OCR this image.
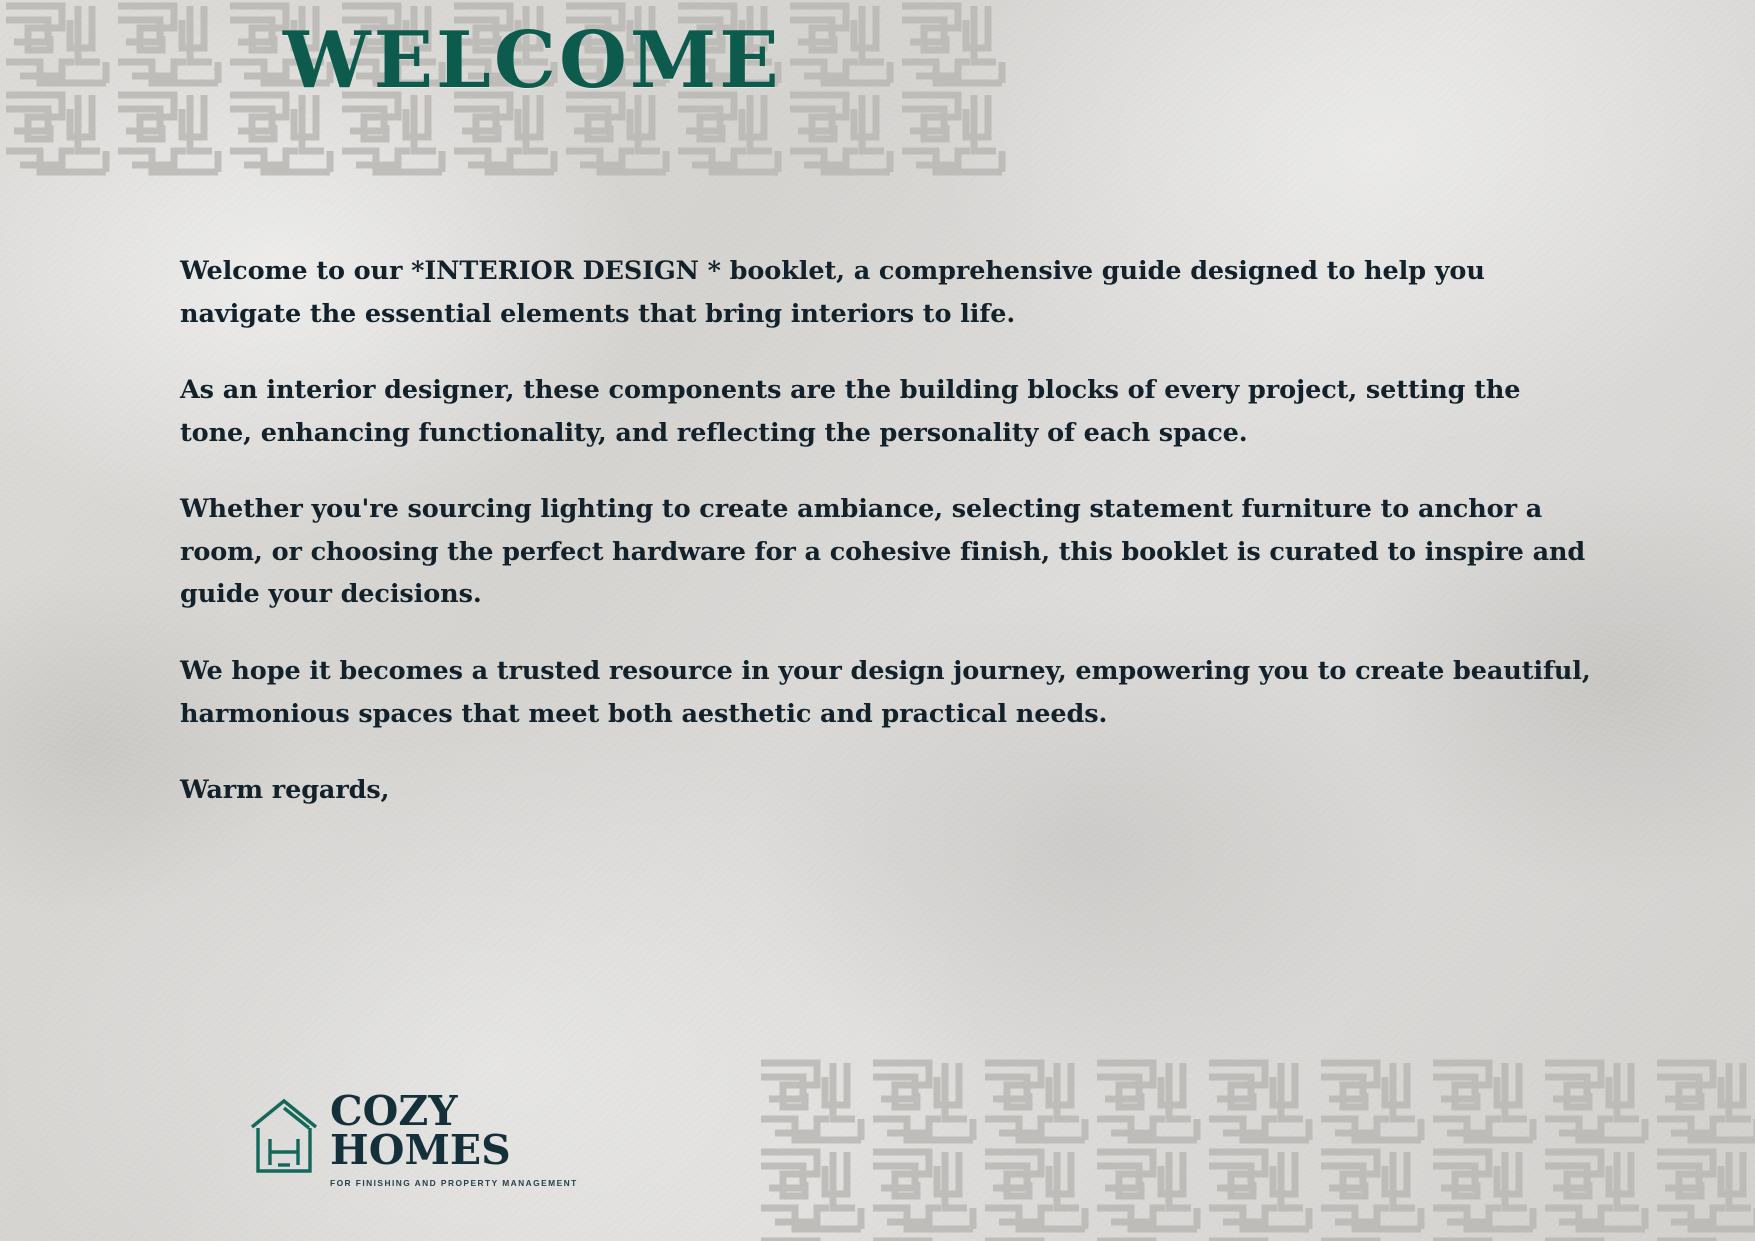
WELCOME

Welcome to our *INTERIOR DESIGN * booklet, a comprehensive guide designed to help you navigate the essential elements that bring interiors to life.

As an interior designer, these components are the building blocks of every project, setting the tone, enhancing functionality, and reflecting the personality of each space.

Whether you're sourcing lighting to create ambiance, selecting statement furniture to anchor a room, or choosing the perfect hardware for a cohesive finish, this booklet is curated to inspire and guide your decisions.

We hope it becomes a trusted resource in your design journey, empowering you to create beautiful, harmonious spaces that meet both aesthetic and practical needs.

Warm regards,

COZY
HOMES
FOR FINISHING AND PROPERTY MANAGEMENT
